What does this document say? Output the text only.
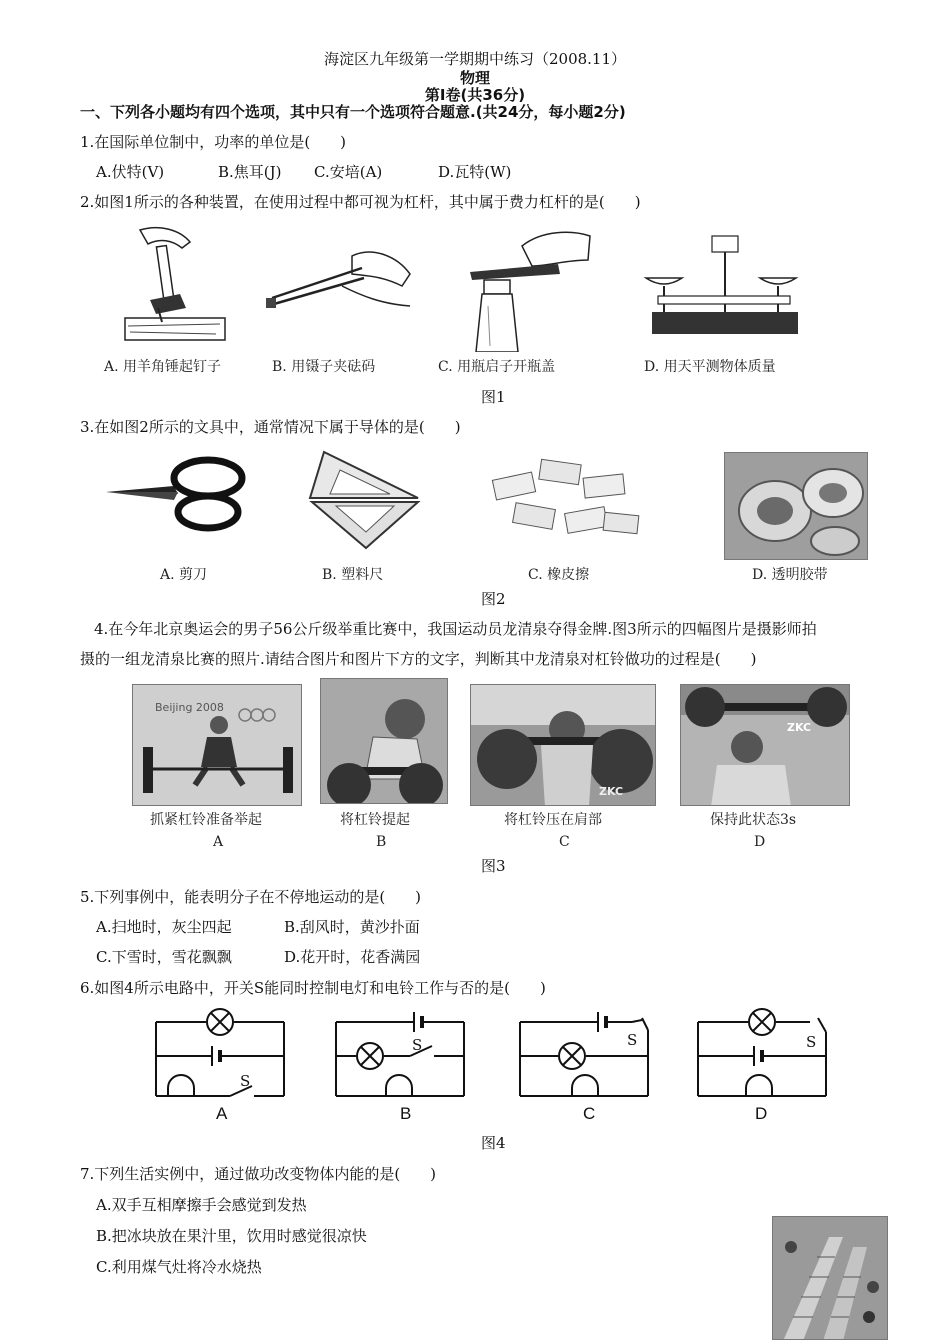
海淀区九年级第一学期期中练习（2008.11）
物理
第Ⅰ卷(共36分)
一、下列各小题均有四个选项，其中只有一个选项符合题意.(共24分，每小题2分)
1.在国际单位制中，功率的单位是(　　)
A.伏特(V)	B.焦耳(J) C.安培(A)	D.瓦特(W)
2.如图1所示的各种装置，在使用过程中都可视为杠杆，其中属于费力杠杆的是(　　)
A. 用羊角锤起钉子	B. 用镊子夹砝码	C. 用瓶启子开瓶盖	D. 用天平测物体质量
图1
3.在如图2所示的文具中，通常情况下属于导体的是(　　)
A. 剪刀	B. 塑料尺	C. 橡皮擦	D. 透明胶带
图2
4.在今年北京奥运会的男子56公斤级举重比赛中，我国运动员龙清泉夺得金牌.图3所示的四幅图片是摄影师拍
摄的一组龙清泉比赛的照片.请结合图片和图片下方的文字，判断其中龙清泉对杠铃做功的过程是(　　)
Beijing 2008
ZKC
ZKC
抓紧杠铃准备举起	将杠铃提起	将杠铃压在肩部	保持此状态3s
A	B	C	D
图3
5.下列事例中，能表明分子在不停地运动的是(　　)
A.扫地时，灰尘四起	B.刮风时，黄沙扑面
C.下雪时，雪花飘飘	D.花开时，花香满园
6.如图4所示电路中，开关S能同时控制电灯和电铃工作与否的是(　　)
S
S	S	S
A	B	C	D
图4
7.下列生活实例中，通过做功改变物体内能的是(　　)
A.双手互相摩擦手会感觉到发热
B.把冰块放在果汁里，饮用时感觉很凉快
C.利用煤气灶将冷水烧热
